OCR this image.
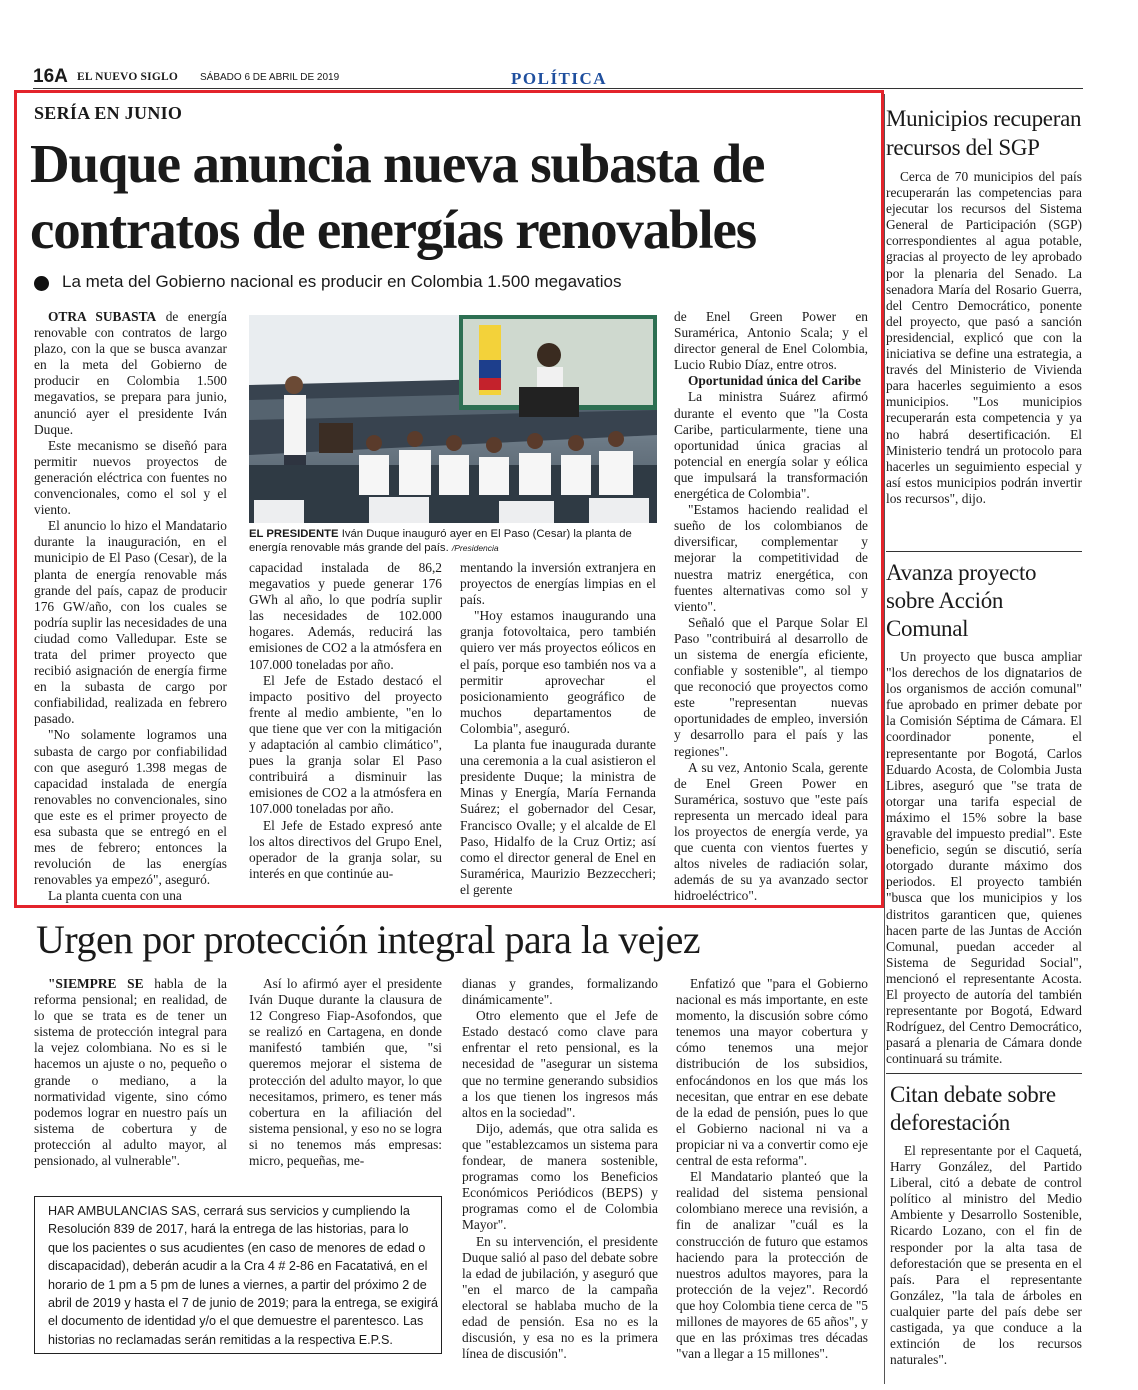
16A EL NUEVO SIGLO SÁBADO 6 DE ABRIL DE 2019	POLÍTICA
SERÍA EN JUNIO
Duque anuncia nueva subasta de
contratos de energías renovables
La meta del Gobierno nacional es producir en Colombia 1.500 megavatios
EL PRESIDENTE Iván Duque inauguró ayer en El Paso (Cesar) la planta de energía renovable más grande del país. /Presidencia

OTRA SUBASTA de energía renovable con contratos de largo plazo, con la que se busca avanzar en la meta del Gobierno de producir en Colombia 1.500 megavatios, se prepara para junio, anunció ayer el presidente Iván Duque.

Este mecanismo se diseñó para permitir nuevos proyectos de generación eléctrica con fuentes no convencionales, como el sol y el viento.

El anuncio lo hizo el Mandatario durante la inauguración, en el municipio de El Paso (Cesar), de la planta de energía renovable más grande del país, capaz de producir 176 GW/año, con los cuales se podría suplir las necesidades de una ciudad como Valledupar. Este se trata del primer proyecto que recibió asignación de energía firme en la subasta de cargo por confiabilidad, realizada en febrero pasado.

"No solamente logramos una subasta de cargo por confiabilidad con que aseguró 1.398 megas de capacidad instalada de energía renovables no convencionales, sino que este es el primer proyecto de esa subasta que se entregó en el mes de febrero; entonces la revolución de las energías renovables ya empezó", aseguró.

La planta cuenta con una

capacidad instalada de 86,2 megavatios y puede generar 176 GWh al año, lo que podría suplir las necesidades de 102.000 hogares. Además, reducirá las emisiones de CO2 a la atmósfera en 107.000 toneladas por año.

El Jefe de Estado destacó el impacto positivo del proyecto frente al medio ambiente, "en lo que tiene que ver con la mitigación y adaptación al cambio climático", pues la granja solar El Paso contribuirá a disminuir las emisiones de CO2 a la atmósfera en 107.000 toneladas por año.

El Jefe de Estado expresó ante los altos directivos del Grupo Enel, operador de la granja solar, su interés en que continúe au-

mentando la inversión extranjera en proyectos de energías limpias en el país.

"Hoy estamos inaugurando una granja fotovoltaica, pero también quiero ver más proyectos eólicos en el país, porque eso también nos va a permitir aprovechar el posicionamiento geográfico de muchos departamentos de Colombia", aseguró.

La planta fue inaugurada durante una ceremonia a la cual asistieron el presidente Duque; la ministra de Minas y Energía, María Fernanda Suárez; el gobernador del Cesar, Francisco Ovalle; y el alcalde de El Paso, Hidalfo de la Cruz Ortiz; así como el director general de Enel en Suramérica, Maurizio Bezzeccheri; el gerente

de Enel Green Power en Suramérica, Antonio Scala; y el director general de Enel Colombia, Lucio Rubio Díaz, entre otros.

Oportunidad única del Caribe

La ministra Suárez afirmó durante el evento que "la Costa Caribe, particularmente, tiene una oportunidad única gracias al potencial en energía solar y eólica que impulsará la transformación energética de Colombia".

"Estamos haciendo realidad el sueño de los colombianos de diversificar, complementar y mejorar la competitividad de nuestra matriz energética, con fuentes alternativas como sol y viento".

Señaló que el Parque Solar El Paso "contribuirá al desarrollo de un sistema de energía eficiente, confiable y sostenible", al tiempo que reconoció que proyectos como este "representan nuevas oportunidades de empleo, inversión y desarrollo para el país y las regiones".

A su vez, Antonio Scala, gerente de Enel Green Power en Suramérica, sostuvo que "este país representa un mercado ideal para los proyectos de energía verde, ya que cuenta con vientos fuertes y altos niveles de radiación solar, además de su ya avanzado sector hidroeléctrico".

Municipios recuperan recursos del SGP

Cerca de 70 municipios del país recuperarán las competencias para ejecutar los recursos del Sistema General de Participación (SGP) correspondientes al agua potable, gracias al proyecto de ley aprobado por la plenaria del Senado. La senadora María del Rosario Guerra, del Centro Democrático, ponente del proyecto, que pasó a sanción presidencial, explicó que con la iniciativa se define una estrategia, a través del Ministerio de Vivienda para hacerles seguimiento a esos municipios. "Los municipios recuperarán esta competencia y ya no habrá desertificación. El Ministerio tendrá un protocolo para hacerles un seguimiento especial y así estos municipios podrán invertir los recursos", dijo.

Avanza proyecto sobre Acción Comunal

Un proyecto que busca ampliar "los derechos de los dignatarios de los organismos de acción comunal" fue aprobado en primer debate por la Comisión Séptima de Cámara. El coordinador ponente, el representante por Bogotá, Carlos Eduardo Acosta, de Colombia Justa Libres, aseguró que "se trata de otorgar una tarifa especial de máximo el 15% sobre la base gravable del impuesto predial". Este beneficio, según se discutió, sería otorgado durante máximo dos periodos. El proyecto también "busca que los municipios y los distritos garanticen que, quienes hacen parte de las Juntas de Acción Comunal, puedan acceder al Sistema de Seguridad Social", mencionó el representante Acosta. El proyecto de autoría del también representante por Bogotá, Edward Rodríguez, del Centro Democrático, pasará a plenaria de Cámara donde continuará su trámite.

Citan debate sobre deforestación

El representante por el Caquetá, Harry González, del Partido Liberal, citó a debate de control político al ministro del Medio Ambiente y Desarrollo Sostenible, Ricardo Lozano, con el fin de responder por la alta tasa de deforestación que se presenta en el país. Para el representante González, "la tala de árboles en cualquier parte del país debe ser castigada, ya que conduce a la extinción de los recursos naturales".

Urgen por protección integral para la vejez

"SIEMPRE SE habla de la reforma pensional; en realidad, de lo que se trata es de tener un sistema de protección integral para la vejez colombiana. No es si le hacemos un ajuste o no, pequeño o grande o mediano, a la normatividad vigente, sino cómo podemos lograr en nuestro país un sistema de cobertura y de protección al adulto mayor, al pensionado, al vulnerable".

Así lo afirmó ayer el presidente Iván Duque durante la clausura de 12 Congreso Fiap-Asofondos, que se realizó en Cartagena, en donde manifestó también que, "si queremos mejorar el sistema de protección del adulto mayor, lo que necesitamos, primero, es tener más cobertura en la afiliación del sistema pensional, y eso no se logra si no tenemos más empresas: micro, pequeñas, me-

dianas y grandes, formalizando dinámicamente".

Otro elemento que el Jefe de Estado destacó como clave para enfrentar el reto pensional, es la necesidad de "asegurar un sistema que no termine generando subsidios a los que tienen los ingresos más altos en la sociedad".

Dijo, además, que otra salida es que "establezcamos un sistema para fondear, de manera sostenible, programas como los Beneficios Económicos Periódicos (BEPS) y programas como el de Colombia Mayor".

En su intervención, el presidente Duque salió al paso del debate sobre la edad de jubilación, y aseguró que "en el marco de la campaña electoral se hablaba mucho de la edad de pensión. Esa no es la discusión, y esa no es la primera línea de discusión".

Enfatizó que "para el Gobierno nacional es más importante, en este momento, la discusión sobre cómo tenemos una mayor cobertura y cómo tenemos una mejor distribución de los subsidios, enfocándonos en los que más los necesitan, que entrar en ese debate de la edad de pensión, pues lo que el Gobierno nacional ni va a propiciar ni va a convertir como eje central de esta reforma".

El Mandatario planteó que la realidad del sistema pensional colombiano merece una revisión, a fin de analizar "cuál es la construcción de futuro que estamos haciendo para la protección de nuestros adultos mayores, para la protección de la vejez". Recordó que hoy Colombia tiene cerca de "5 millones de mayores de 65 años", y que en las próximas tres décadas "van a llegar a 15 millones".

HAR AMBULANCIAS SAS, cerrará sus servicios y cumpliendo la
Resolución 839 de 2017, hará la entrega de las historias, para lo
que los pacientes o sus acudientes (en caso de menores de edad o
discapacidad), deberán acudir a la Cra 4 # 2-86 en Facatativá, en el
horario de 1 pm a 5 pm de lunes a viernes, a partir del próximo 2 de
abril de 2019 y hasta el 7 de junio de 2019; para la entrega, se exigirá
el documento de identidad y/o el que demuestre el parentesco. Las
historias no reclamadas serán remitidas a la respectiva E.P.S.
